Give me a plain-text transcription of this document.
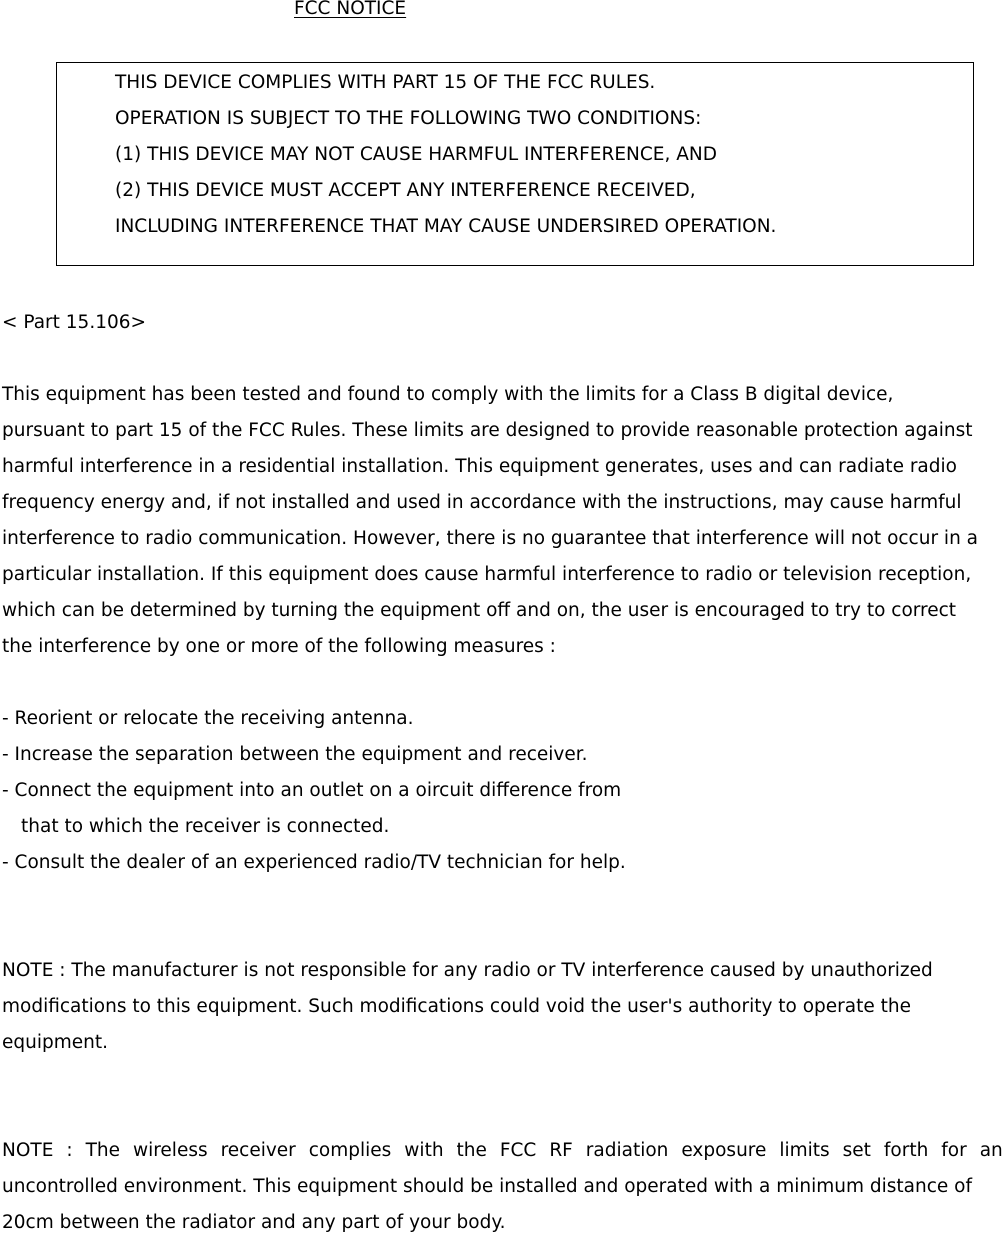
FCC NOTICE
THIS DEVICE COMPLIES WITH PART 15 OF THE FCC RULES.
OPERATION IS SUBJECT TO THE FOLLOWING TWO CONDITIONS:
(1) THIS DEVICE MAY NOT CAUSE HARMFUL INTERFERENCE, AND
(2) THIS DEVICE MUST ACCEPT ANY INTERFERENCE RECEIVED,
INCLUDING INTERFERENCE THAT MAY CAUSE UNDERSIRED OPERATION.

< Part 15.106>

This equipment has been tested and found to comply with the limits for a Class B digital device,
pursuant to part 15 of the FCC Rules. These limits are designed to provide reasonable protection against
harmful interference in a residential installation. This equipment generates, uses and can radiate radio
frequency energy and, if not installed and used in accordance with the instructions, may cause harmful
interference to radio communication. However, there is no guarantee that interference will not occur in a
particular installation. If this equipment does cause harmful interference to radio or television reception,
which can be determined by turning the equipment off and on, the user is encouraged to try to correct
the interference by one or more of the following measures :

- Reorient or relocate the receiving antenna.
- Increase the separation between the equipment and receiver.
- Connect the equipment into an outlet on a oircuit difference from
that to which the receiver is connected.
- Consult the dealer of an experienced radio/TV technician for help.

NOTE : The manufacturer is not responsible for any radio or TV interference caused by unauthorized
modifications to this equipment. Such modifications could void the user's authority to operate the
equipment.

NOTE : The wireless receiver complies with the FCC RF radiation exposure limits set forth for an
uncontrolled environment. This equipment should be installed and operated with a minimum distance of
20cm between the radiator and any part of your body.
